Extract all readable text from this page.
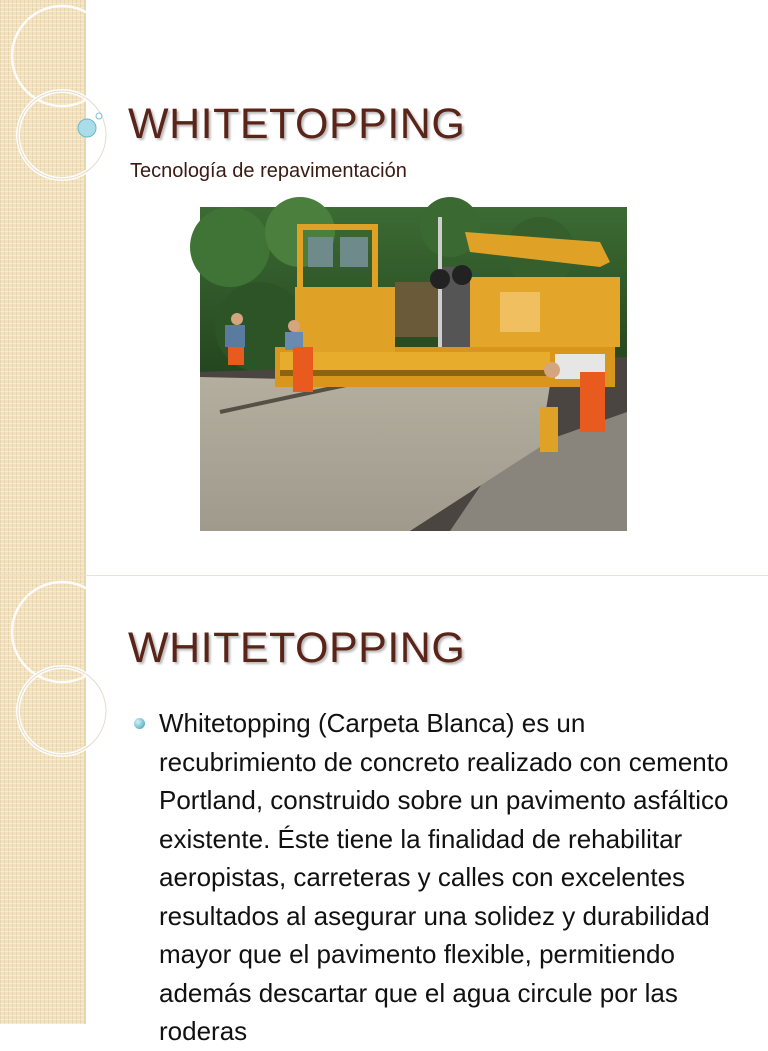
WHITETOPPING

Tecnología de repavimentación

WHITETOPPING

Whitetopping (Carpeta Blanca) es un recubrimiento de concreto realizado con cemento Portland, construido sobre un pavimento asfáltico existente. Éste tiene la finalidad de rehabilitar aeropistas, carreteras y calles con excelentes resultados al asegurar una solidez y durabilidad mayor que el pavimento flexible, permitiendo además descartar que el agua circule por las roderas
